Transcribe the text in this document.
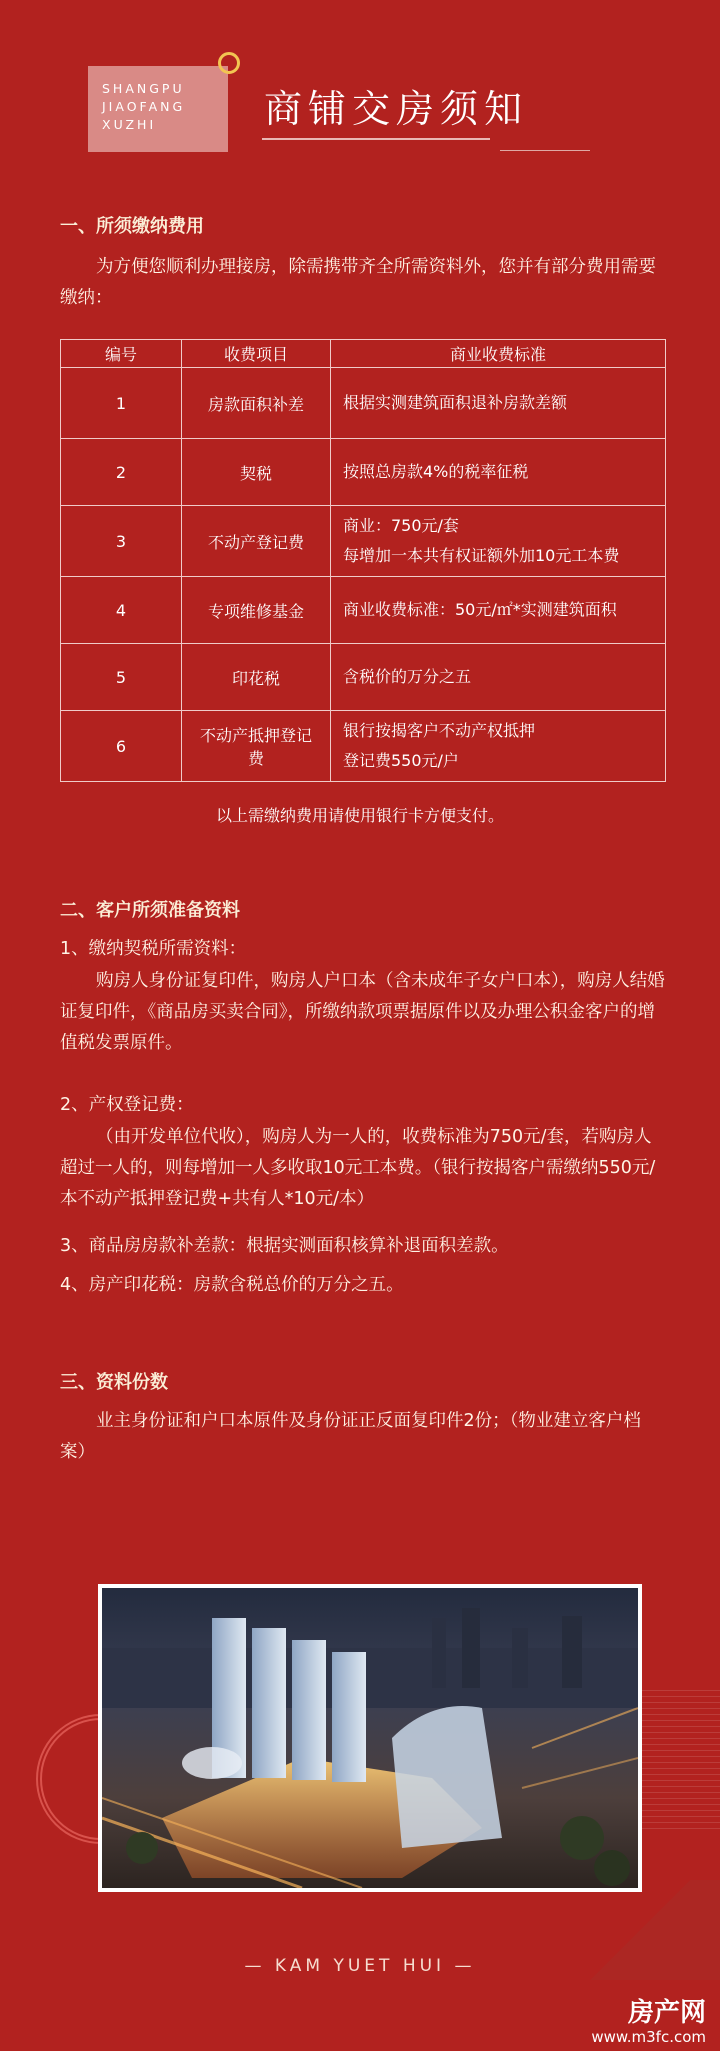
SHANGPU
JIAOFANG
XUZHI	商铺交房须知
一、所须缴纳费用
为方便您顺利办理接房，除需携带齐全所需资料外，您并有部分费用需要缴纳：
编号	收费项目	商业收费标准
1	房款面积补差	根据实测建筑面积退补房款差额

2	契税	按照总房款4%的税率征税

3	不动产登记费	商业：750元/套
每增加一本共有权证额外加10元工本费

4	专项维修基金	商业收费标准：50元/㎡*实测建筑面积

5	印花税	含税价的万分之五

6	不动产抵押登记费	银行按揭客户不动产权抵押
登记费550元/户
以上需缴纳费用请使用银行卡方便支付。
二、客户所须准备资料
1、缴纳契税所需资料：
购房人身份证复印件，购房人户口本（含未成年子女户口本），购房人结婚证复印件，《商品房买卖合同》，所缴纳款项票据原件以及办理公积金客户的增值税发票原件。
2、产权登记费：
（由开发单位代收），购房人为一人的，收费标准为750元/套，若购房人超过一人的，则每增加一人多收取10元工本费。（银行按揭客户需缴纳550元/本不动产抵押登记费+共有人*10元/本）
3、商品房房款补差款：根据实测面积核算补退面积差款。
4、房产印花税：房款含税总价的万分之五。
三、资料份数
业主身份证和户口本原件及身份证正反面复印件2份；（物业建立客户档案）
— KAM YUET HUI —
房产网
www.m3fc.com
